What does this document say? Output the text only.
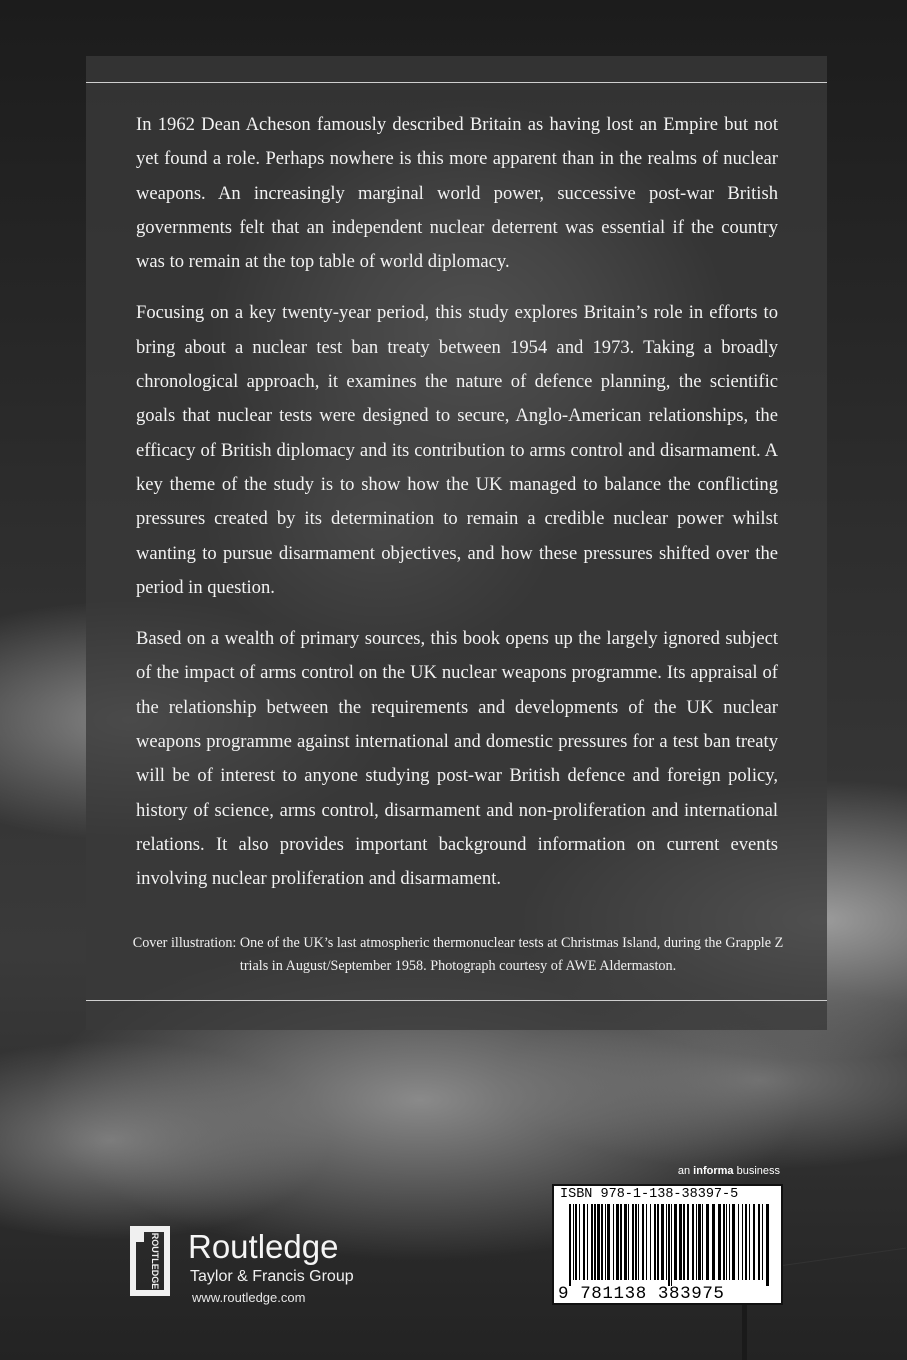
In 1962 Dean Acheson famously described Britain as having lost an Empire but not yet found a role. Perhaps nowhere is this more apparent than in the realms of nuclear weapons. An increasingly marginal world power, successive post-war British governments felt that an independent nuclear deterrent was essential if the country was to remain at the top table of world diplomacy.

Focusing on a key twenty-year period, this study explores Britain’s role in efforts to bring about a nuclear test ban treaty between 1954 and 1973. Taking a broadly chronological approach, it examines the nature of defence planning, the scientific goals that nuclear tests were designed to secure, Anglo-American relationships, the efficacy of British diplomacy and its contribution to arms control and disarmament. A key theme of the study is to show how the UK managed to balance the conflicting pressures created by its determination to remain a credible nuclear power whilst wanting to pursue disarmament objectives, and how these pressures shifted over the period in question.

Based on a wealth of primary sources, this book opens up the largely ignored subject of the impact of arms control on the UK nuclear weapons programme. Its appraisal of the relationship between the requirements and developments of the UK nuclear weapons programme against international and domestic pressures for a test ban treaty will be of interest to anyone studying post-war British defence and foreign policy, history of science, arms control, disarmament and non-proliferation and international relations. It also provides important background information on current events involving nuclear proliferation and disarmament.

Cover illustration: One of the UK’s last atmospheric thermonuclear tests at Christmas Island, during the Grapple Z trials in August/September 1958. Photograph courtesy of AWE Aldermaston.

ROUTLEDGE Routledge
Taylor & Francis Group
www.routledge.com
an informa business
ISBN 978-1-138-38397-5
9 781138 383975
